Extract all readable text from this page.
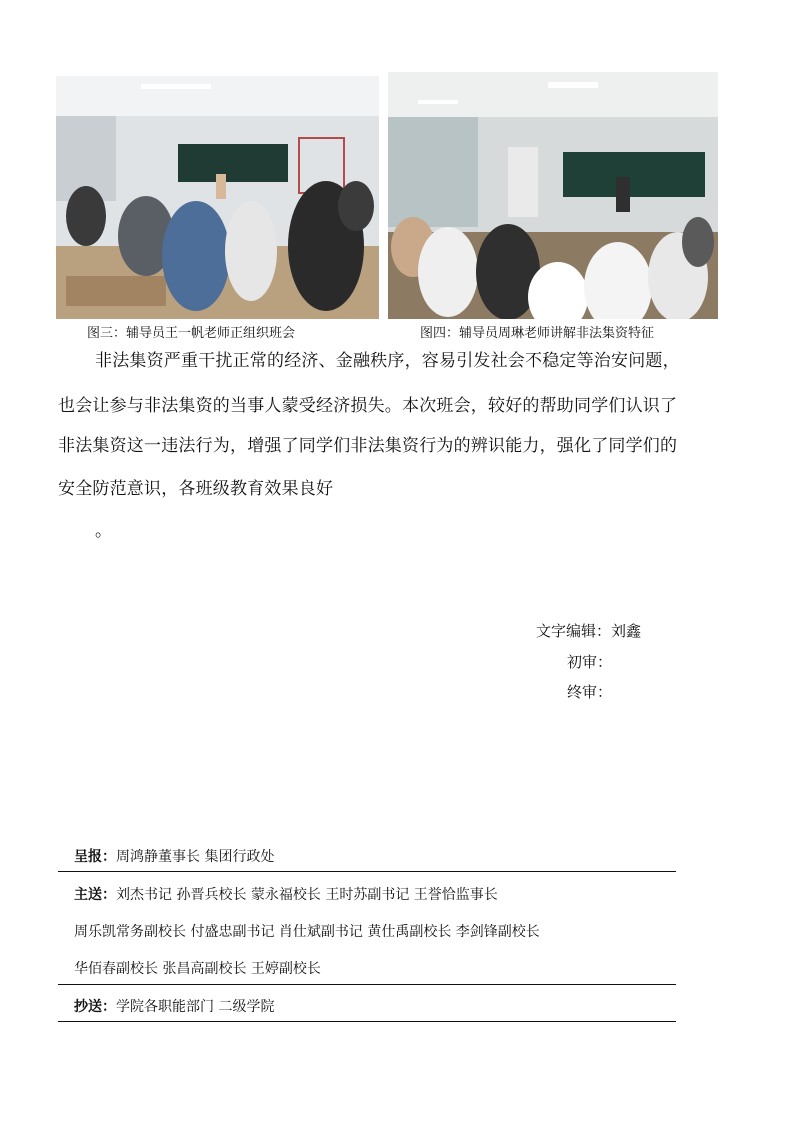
图三：辅导员王一帆老师正组织班会	图四：辅导员周琳老师讲解非法集资特征
非法集资严重干扰正常的经济、金融秩序，容易引发社会不稳定等治安问题，
也会让参与非法集资的当事人蒙受经济损失。本次班会，较好的帮助同学们认识了
非法集资这一违法行为，增强了同学们非法集资行为的辨识能力，强化了同学们的
安全防范意识，各班级教育效果良好
。
文字编辑：刘鑫
初审：
终审：
呈报：周鸿静董事长 集团行政处
主送：刘杰书记 孙晋兵校长 蒙永福校长 王时苏副书记 王誉恰监事长
周乐凯常务副校长 付盛忠副书记 肖仕斌副书记 黄仕禹副校长 李剑锋副校长
华佰春副校长 张昌高副校长 王婷副校长
抄送：学院各职能部门 二级学院
